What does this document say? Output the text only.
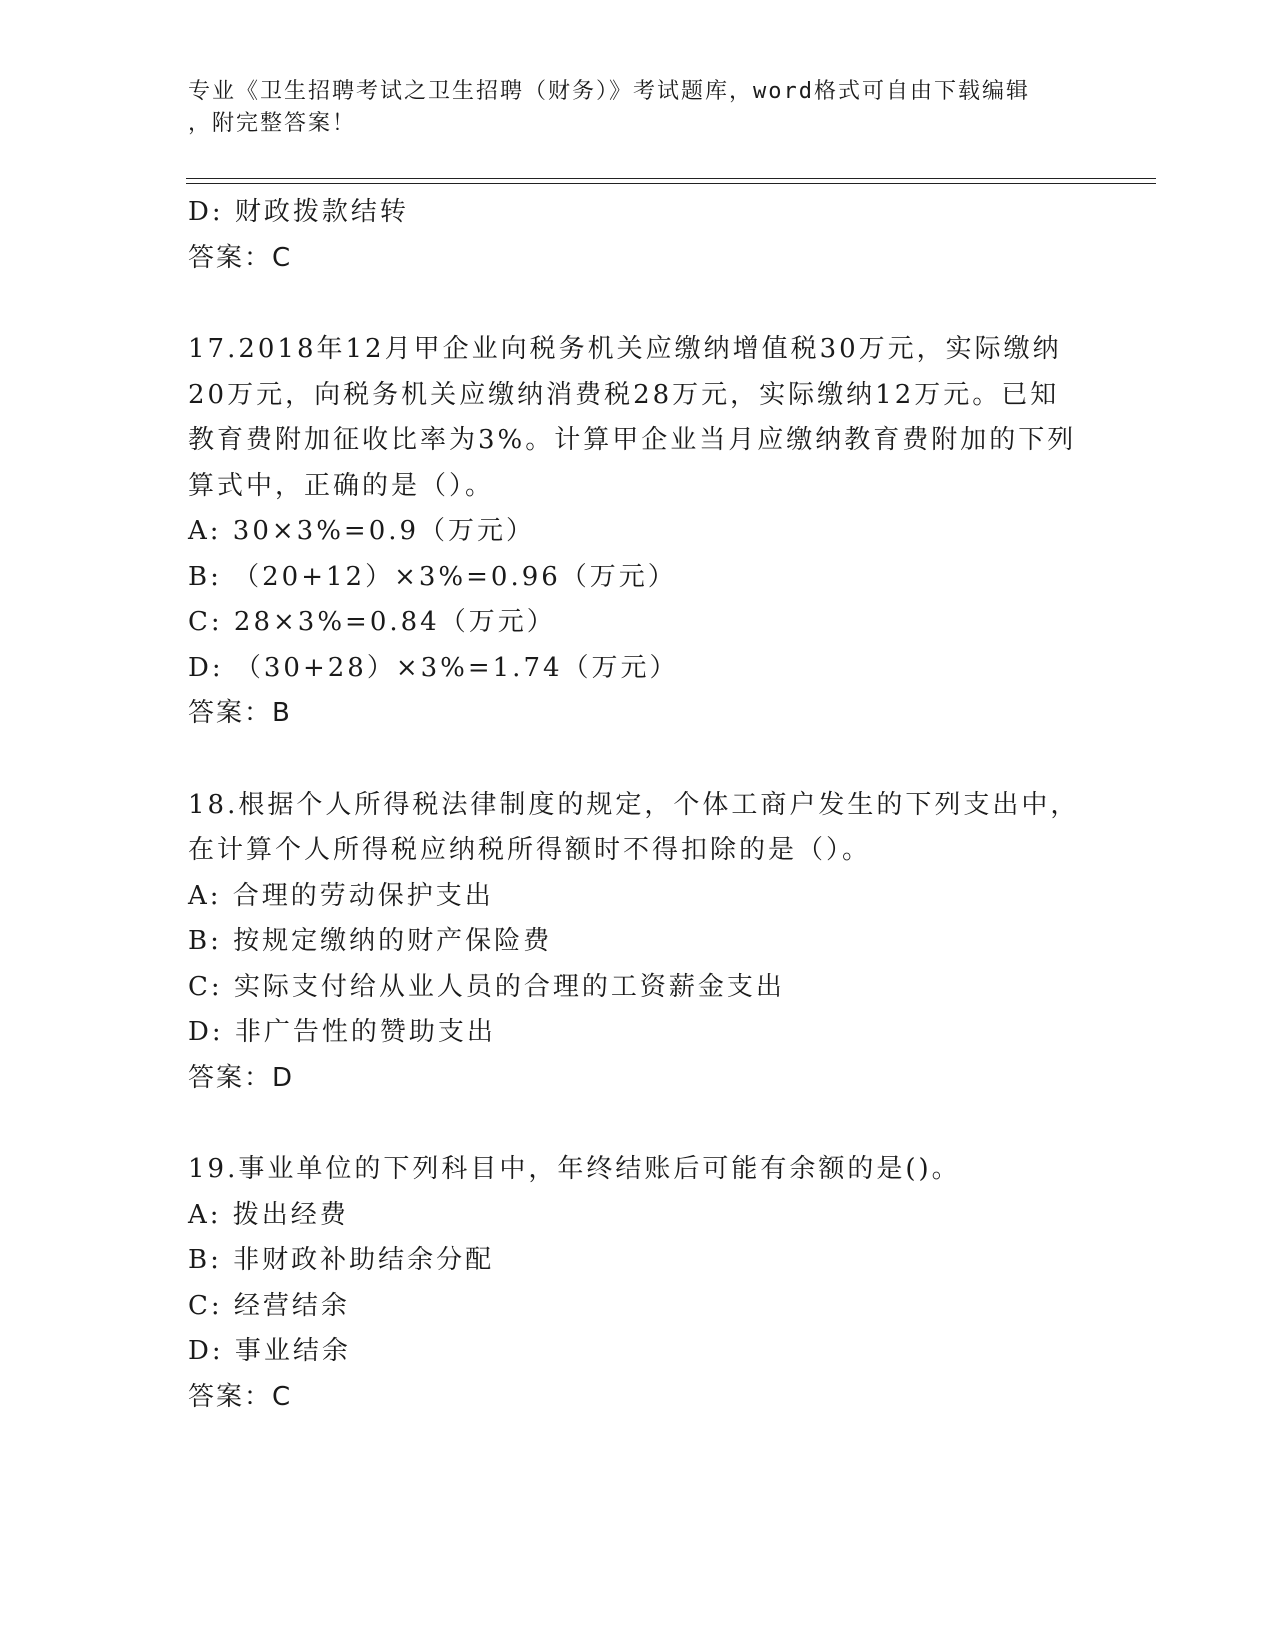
专业《卫生招聘考试之卫生招聘（财务）》考试题库，word格式可自由下载编辑
，附完整答案！
D: 财政拨款结转
答案：C
17.2018年12月甲企业向税务机关应缴纳增值税30万元，实际缴纳
20万元，向税务机关应缴纳消费税28万元，实际缴纳12万元。已知
教育费附加征收比率为3%。计算甲企业当月应缴纳教育费附加的下列
算式中，正确的是（）。
A: 30×3%=0.9（万元）
B: （20+12）×3%=0.96（万元）
C: 28×3%=0.84（万元）
D: （30+28）×3%=1.74（万元）
答案：B
18.根据个人所得税法律制度的规定，个体工商户发生的下列支出中，
在计算个人所得税应纳税所得额时不得扣除的是（）。
A: 合理的劳动保护支出
B: 按规定缴纳的财产保险费
C: 实际支付给从业人员的合理的工资薪金支出
D: 非广告性的赞助支出
答案：D
19.事业单位的下列科目中，年终结账后可能有余额的是()。
A: 拨出经费
B: 非财政补助结余分配
C: 经营结余
D: 事业结余
答案：C
